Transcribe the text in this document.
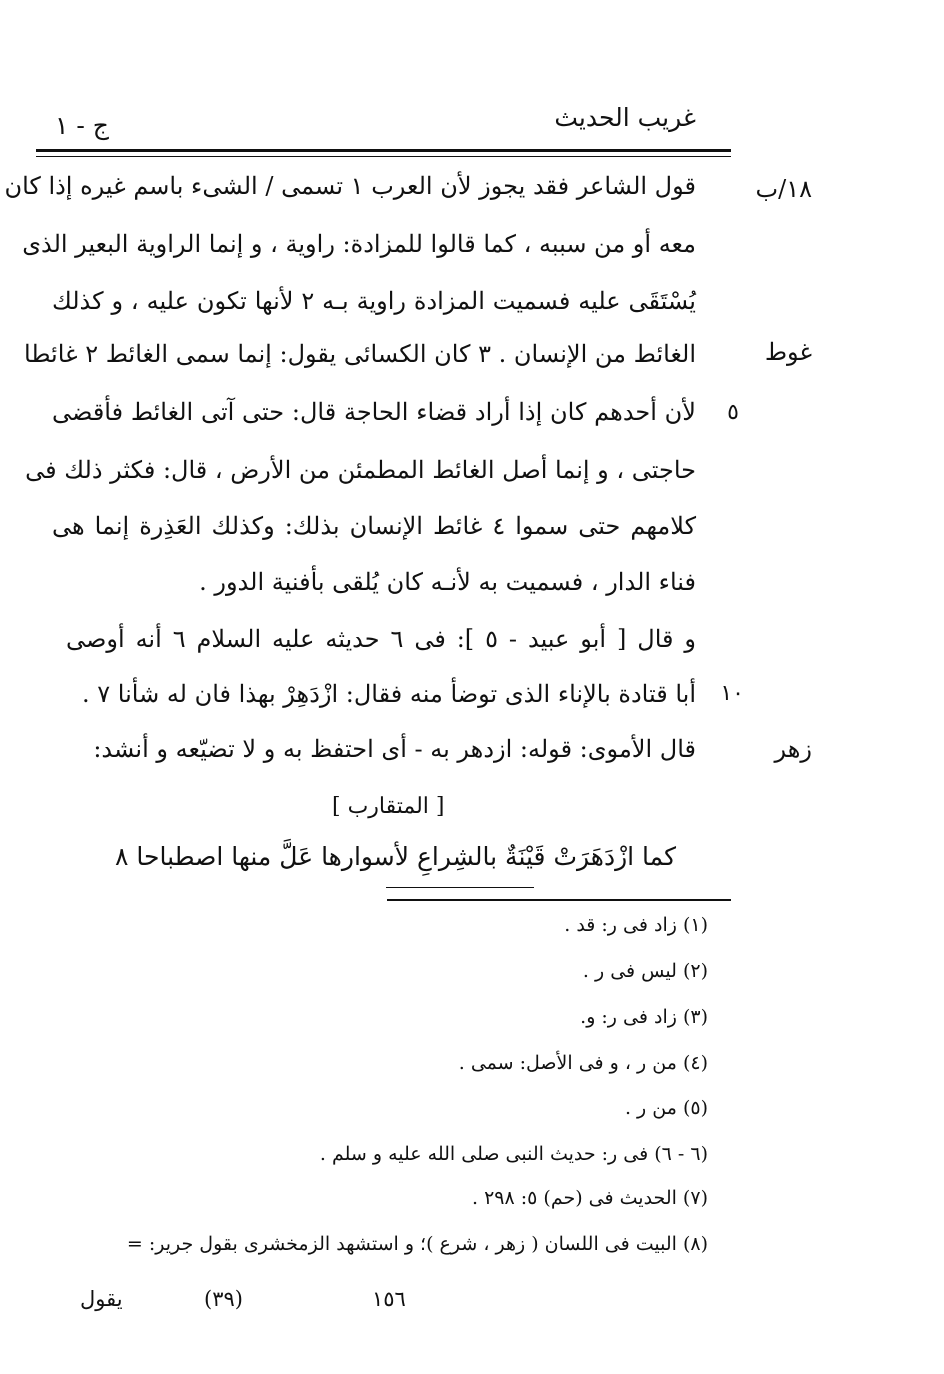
غريب الحديث
ج - ١
١٨/ب
غوط
زهر
٥
١٠
قول الشاعر فقد يجوز لأن العرب ١ تسمى / الشىء باسم غيره إذا كان
معه أو من سببه ، كما قالوا للمزادة: راوية ، و إنما الراوية البعير الذى
يُسْتَقَى عليه فسميت المزادة راوية بـه ٢ لأنها تكون عليه ، و كذلك
الغائط من الإنسان . ٣ كان الكسائى يقول: إنما سمى الغائط ٢ غائطا
لأن أحدهم كان إذا أراد قضاء الحاجة قال: حتى آتى الغائط فأقضى
حاجتى ، و إنما أصل الغائط المطمئن من الأرض ، قال: فكثر ذلك فى
كلامهم حتى سموا ٤ غائط الإنسان بذلك: وكذلك العَذِرة إنما هى
فناء الدار ، فسميت به لأنـه كان يُلقى بأفنية الدور .
و قال [ أبو عبيد - ٥ ]: فى ٦ حديثه عليه السلام ٦ أنه أوصى
أبا قتادة بالإناء الذى توضأ منه فقال: ازْدَهِرْ بهذا فان له شأنا ٧ .
قال الأموى: قوله: ازدهر به - أى احتفظ به و لا تضيّعه و أنشد:
[ المتقارب ]
كما ازْدَهَرَتْ قَيْنَةٌ بالشِراعِ لأسوارها عَلَّ منها اصطباحا ٨
(١) زاد فى ر: قد .
(٢) ليس فى ر .
(٣) زاد فى ر: و.
(٤) من ر ، و فى الأصل: سمى .
(٥) من ر .
(٦ - ٦) فى ر: حديث النبى صلى الله عليه و سلم .
(٧) الحديث فى (حم) ٥: ٢٩٨ .
(٨) البيت فى اللسان ( زهر ، شرع )؛ و استشهد الزمخشرى بقول جرير: =
يقول	(٣٩)	١٥٦
